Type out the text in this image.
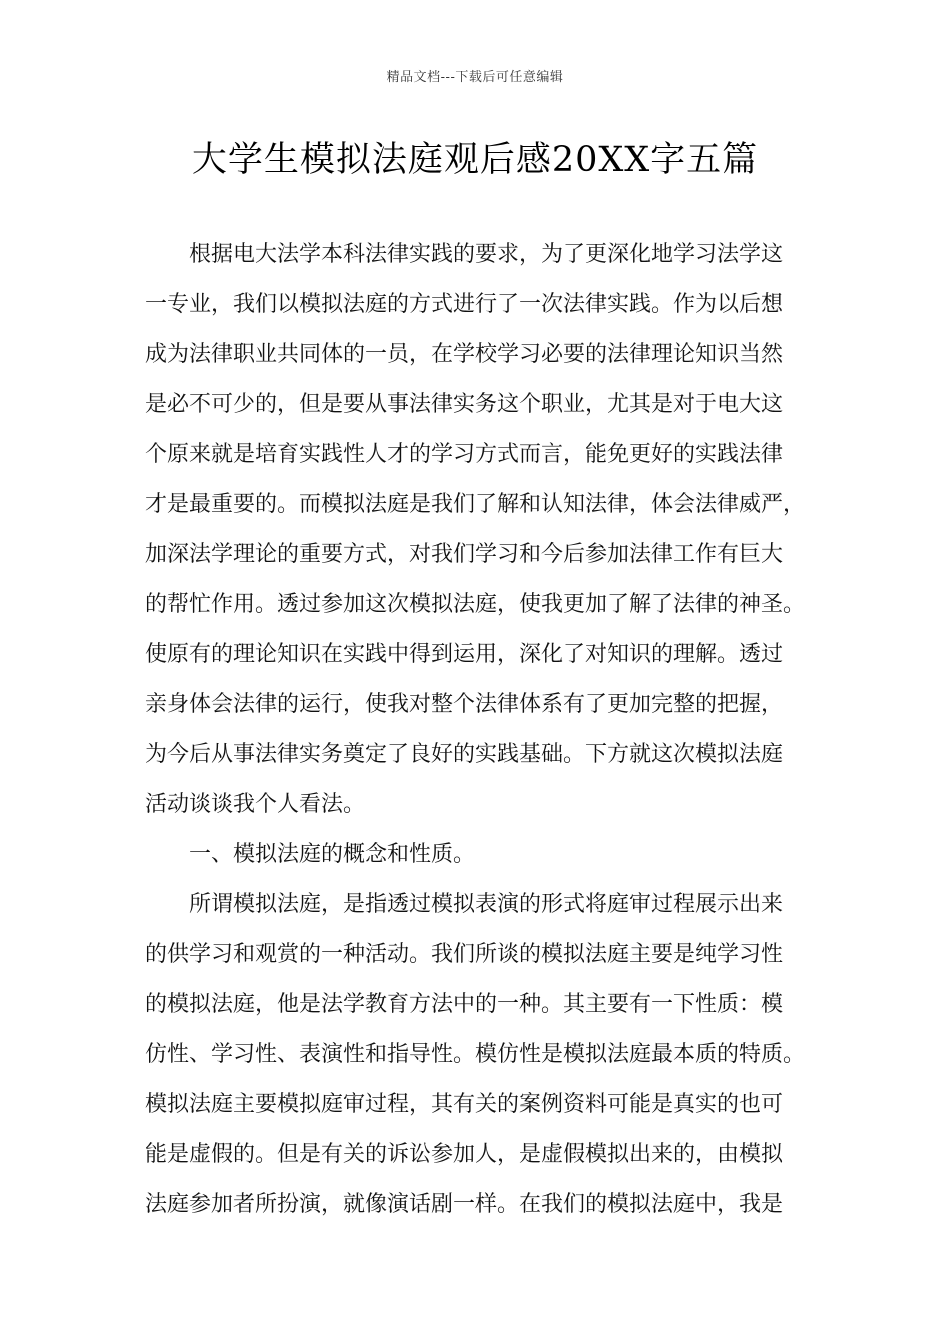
精品文档---下载后可任意编辑
大学生模拟法庭观后感20XX字五篇
根据电大法学本科法律实践的要求，为了更深化地学习法学这
一专业，我们以模拟法庭的方式进行了一次法律实践。作为以后想
成为法律职业共同体的一员，在学校学习必要的法律理论知识当然
是必不可少的，但是要从事法律实务这个职业，尤其是对于电大这
个原来就是培育实践性人才的学习方式而言，能免更好的实践法律
才是最重要的。而模拟法庭是我们了解和认知法律，体会法律威严，
加深法学理论的重要方式，对我们学习和今后参加法律工作有巨大
的帮忙作用。透过参加这次模拟法庭，使我更加了解了法律的神圣。
使原有的理论知识在实践中得到运用，深化了对知识的理解。透过
亲身体会法律的运行，使我对整个法律体系有了更加完整的把握，
为今后从事法律实务奠定了良好的实践基础。下方就这次模拟法庭
活动谈谈我个人看法。
一、模拟法庭的概念和性质。
所谓模拟法庭，是指透过模拟表演的形式将庭审过程展示出来
的供学习和观赏的一种活动。我们所谈的模拟法庭主要是纯学习性
的模拟法庭，他是法学教育方法中的一种。其主要有一下性质：模
仿性、学习性、表演性和指导性。模仿性是模拟法庭最本质的特质。
模拟法庭主要模拟庭审过程，其有关的案例资料可能是真实的也可
能是虚假的。但是有关的诉讼参加人，是虚假模拟出来的，由模拟
法庭参加者所扮演，就像演话剧一样。在我们的模拟法庭中，我是
